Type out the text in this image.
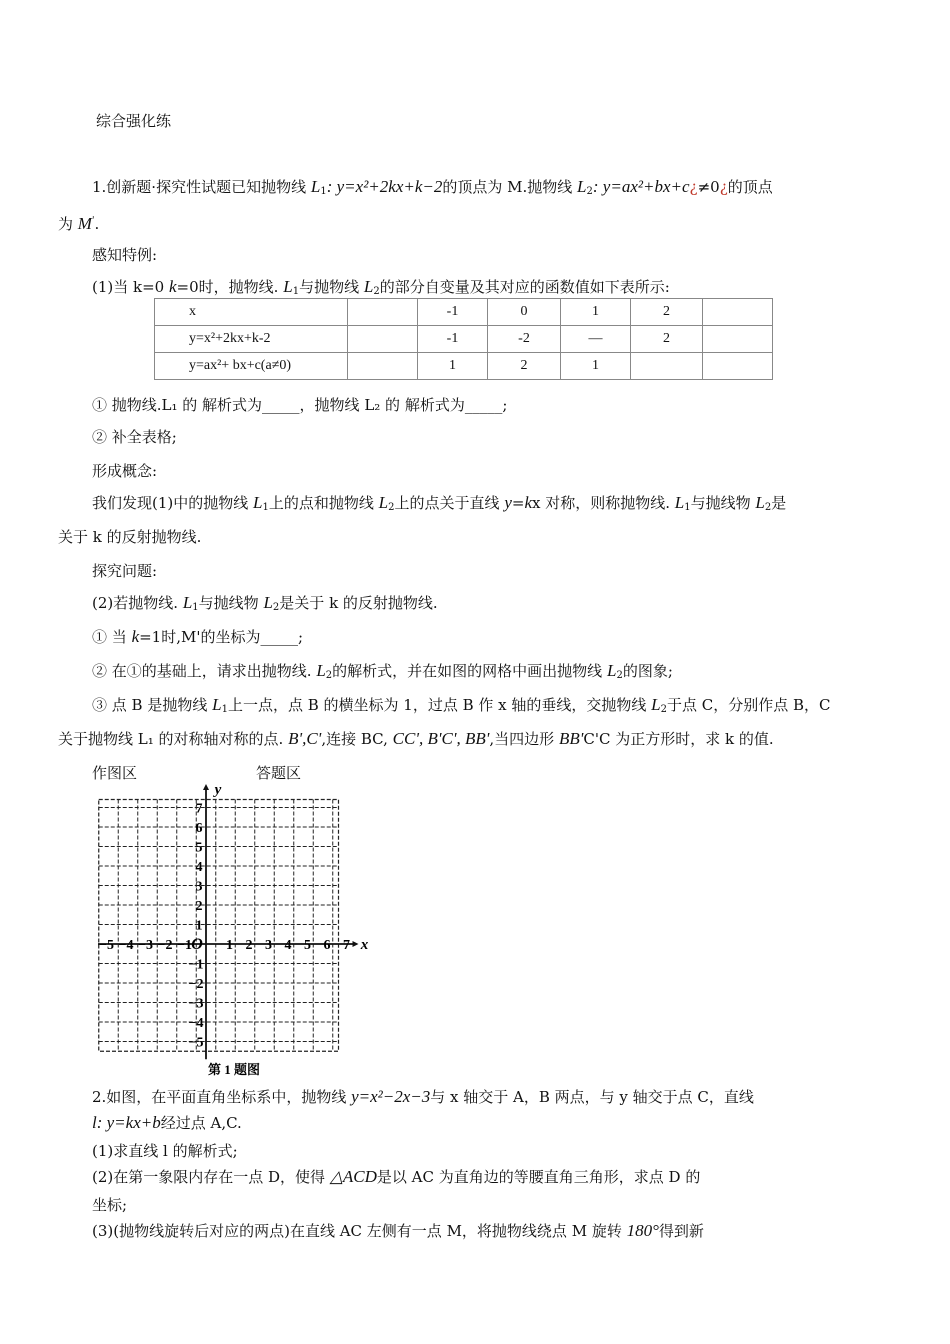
综合强化练
1.创新题·探究性试题已知抛物线 $L_1$: y=x²+2kx+k−2的顶点为 M.抛物线 $L_2$: y=ax²+bx+c¿≠0¿的顶点
为 M'.
感知特例:
(1)当 k=0 k=0时，抛物线. $L_1$与抛物线 $L_2$的部分自变量及其对应的函数值如下表所示:
x		-1	0	1	2	
y=x²+2kx+k-2		-1	-2	—	2	
y=ax²+ bx+c(a≠0)		1	2	1		
① 抛物线.L₁ 的 解析式为_____，抛物线 L₂ 的 解析式为_____;
② 补全表格;
形成概念:
我们发现(1)中的抛物线 $L_1$上的点和抛物线 $L_2$上的点关于直线 y=kx 对称，则称抛物线. $L_1$与抛线物 $L_2$是
关于 k 的反射抛物线.
探究问题:
(2)若抛物线. $L_1$与抛线物 $L_2$是关于 k 的反射抛物线.
① 当 k=1时,M'的坐标为_____;
② 在①的基础上，请求出抛物线. $L_2$的解析式，并在如图的网格中画出抛物线 $L_2$的图象;
③ 点 B 是抛物线 $L_1$上一点，点 B 的横坐标为 1，过点 B 作 x 轴的垂线，交抛物线 $L_2$于点 C，分别作点 B，C
关于抛物线 L₁ 的对称轴对称的点. B',C',连接 BC, CC', B'C', BB',当四边形 BB'C'C 为正方形时，求 k 的值.
作图区	答题区
y
x
O
−5 −4 −3 −2 −1 1 2 3 4 5 6 7
7
6
5
4
3
2
1
−1
−2
−3
−4
−5
第 1 题图
2.如图，在平面直角坐标系中，抛物线 y=x²−2x−3与 x 轴交于 A，B 两点，与 y 轴交于点 C，直线
l: y=kx+b经过点 A,C.
(1)求直线 l 的解析式;
(2)在第一象限内存在一点 D，使得 △ACD是以 AC 为直角边的等腰直角三角形，求点 D 的
坐标;
(3)(抛物线旋转后对应的两点)在直线 AC 左侧有一点 M，将抛物线绕点 M 旋转 180°得到新
